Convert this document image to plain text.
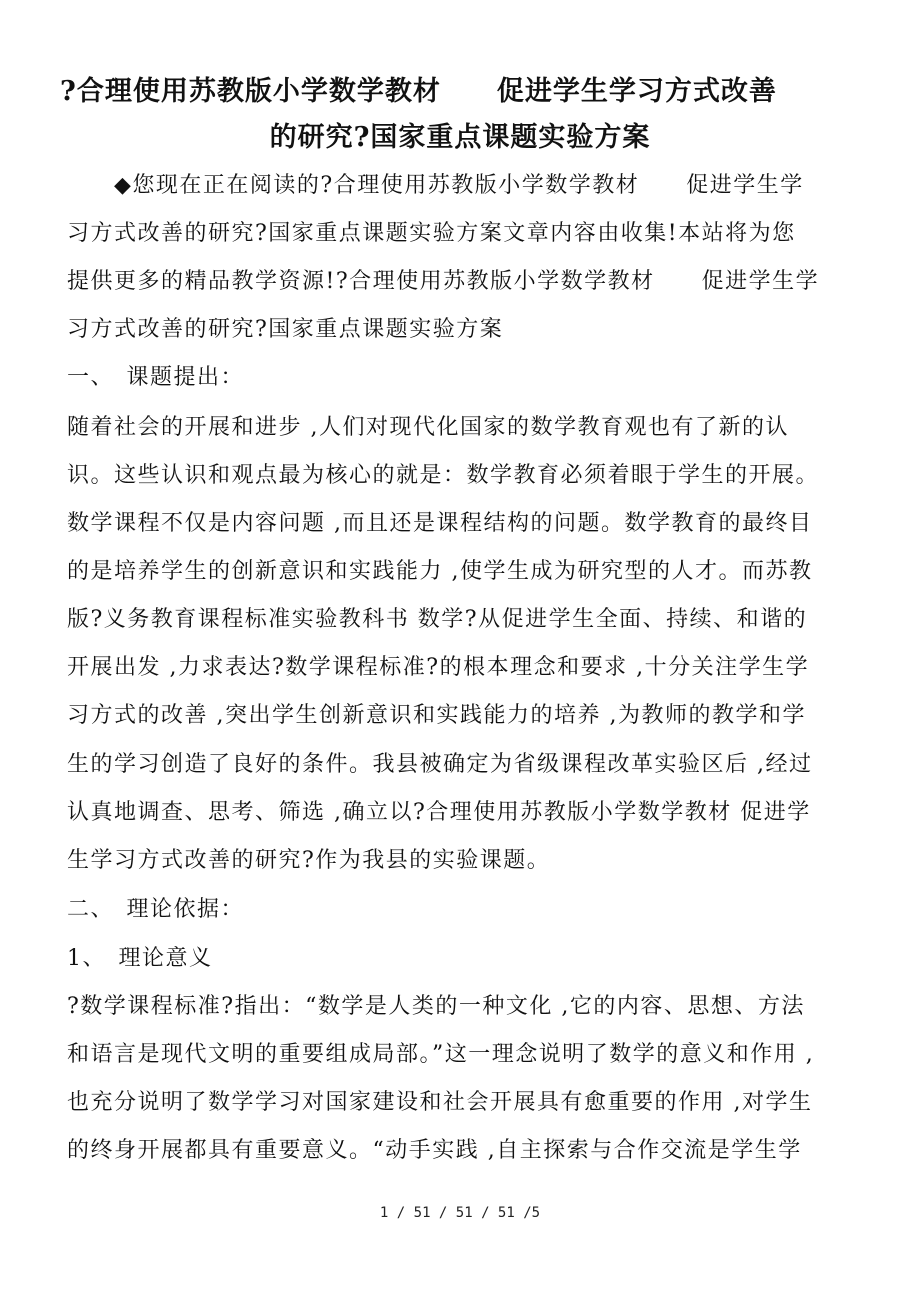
?合理使用苏教版小学数学教材　　促进学生学习方式改善
的研究?国家重点课题实验方案
　　◆您现在正在阅读的?合理使用苏教版小学数学教材　　促进学生学
习方式改善的研究?国家重点课题实验方案文章内容由收集!本站将为您
提供更多的精品教学资源!?合理使用苏教版小学数学教材　　促进学生学
习方式改善的研究?国家重点课题实验方案
一、　课题提出：
随着社会的开展和进步 ,人们对现代化国家的数学教育观也有了新的认
识。这些认识和观点最为核心的就是：数学教育必须着眼于学生的开展。
数学课程不仅是内容问题 ,而且还是课程结构的问题。数学教育的最终目
的是培养学生的创新意识和实践能力 ,使学生成为研究型的人才。而苏教
版?义务教育课程标准实验教科书 数学?从促进学生全面、持续、和谐的
开展出发 ,力求表达?数学课程标准?的根本理念和要求 ,十分关注学生学
习方式的改善 ,突出学生创新意识和实践能力的培养 ,为教师的教学和学
生的学习创造了良好的条件。我县被确定为省级课程改革实验区后 ,经过
认真地调查、思考、筛选 ,确立以?合理使用苏教版小学数学教材 促进学
生学习方式改善的研究?作为我县的实验课题。
二、　理论依据：
1、　理论意义
?数学课程标准?指出：“数学是人类的一种文化 ,它的内容、思想、方法
和语言是现代文明的重要组成局部。”这一理念说明了数学的意义和作用 ,
也充分说明了数学学习对国家建设和社会开展具有愈重要的作用 ,对学生
的终身开展都具有重要意义。“动手实践 ,自主探索与合作交流是学生学
1 / 51 / 51 / 51 /5
